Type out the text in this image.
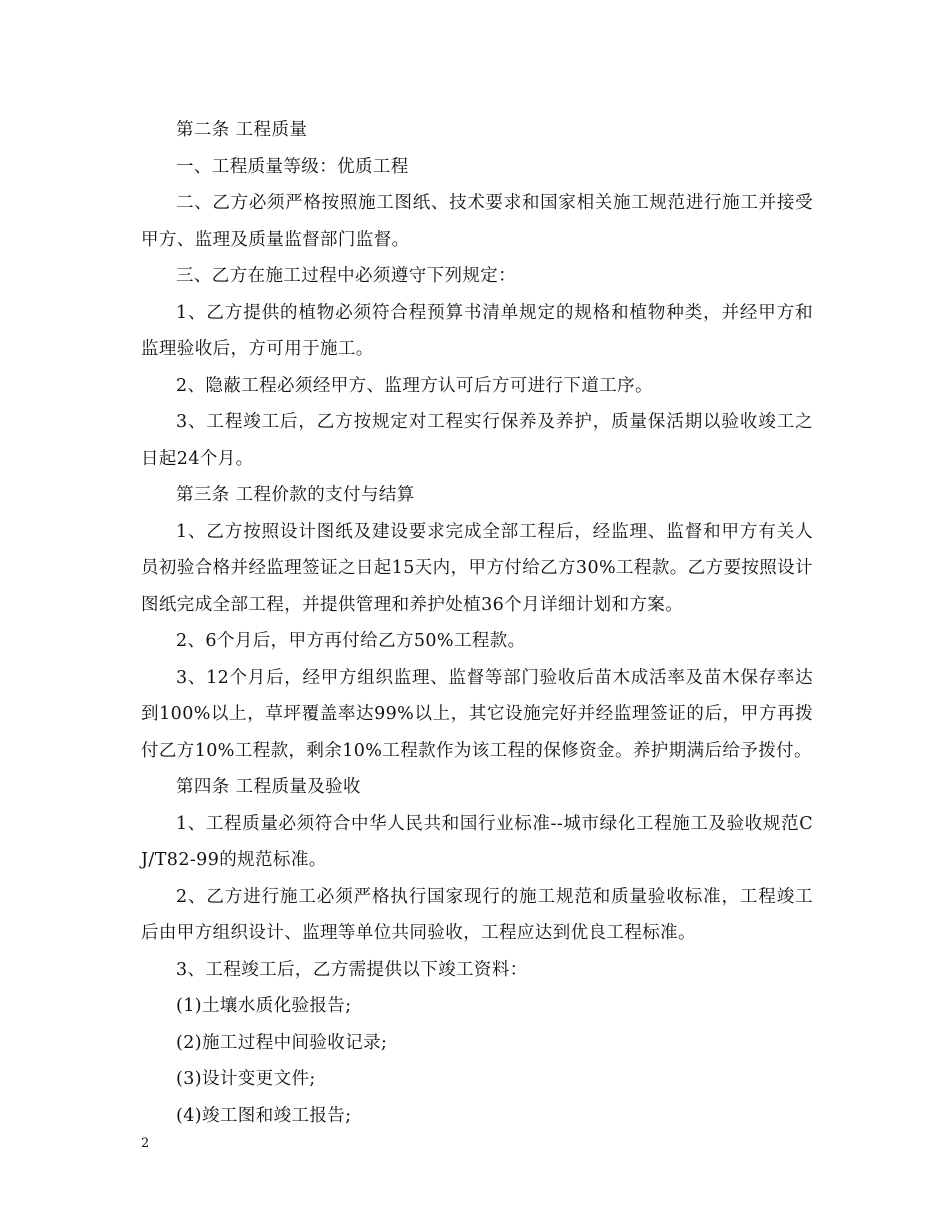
第二条 工程质量

一、工程质量等级：优质工程

二、乙方必须严格按照施工图纸、技术要求和国家相关施工规范进行施工并接受甲方、监理及质量监督部门监督。

三、乙方在施工过程中必须遵守下列规定：

1、乙方提供的植物必须符合程预算书清单规定的规格和植物种类，并经甲方和监理验收后，方可用于施工。

2、隐蔽工程必须经甲方、监理方认可后方可进行下道工序。

3、工程竣工后，乙方按规定对工程实行保养及养护，质量保活期以验收竣工之日起24个月。

第三条 工程价款的支付与结算

1、乙方按照设计图纸及建设要求完成全部工程后，经监理、监督和甲方有关人员初验合格并经监理签证之日起15天内，甲方付给乙方30%工程款。乙方要按照设计图纸完成全部工程，并提供管理和养护处植36个月详细计划和方案。

2、6个月后，甲方再付给乙方50%工程款。

3、12个月后，经甲方组织监理、监督等部门验收后苗木成活率及苗木保存率达到100%以上，草坪覆盖率达99%以上，其它设施完好并经监理签证的后，甲方再拨付乙方10%工程款，剩余10%工程款作为该工程的保修资金。养护期满后给予拨付。

第四条 工程质量及验收

1、工程质量必须符合中华人民共和国行业标准--城市绿化工程施工及验收规范CJ/T82-99的规范标准。

2、乙方进行施工必须严格执行国家现行的施工规范和质量验收标准，工程竣工后由甲方组织设计、监理等单位共同验收，工程应达到优良工程标准。

3、工程竣工后，乙方需提供以下竣工资料：

(1)土壤水质化验报告;

(2)施工过程中间验收记录;

(3)设计变更文件;

(4)竣工图和竣工报告;

2
